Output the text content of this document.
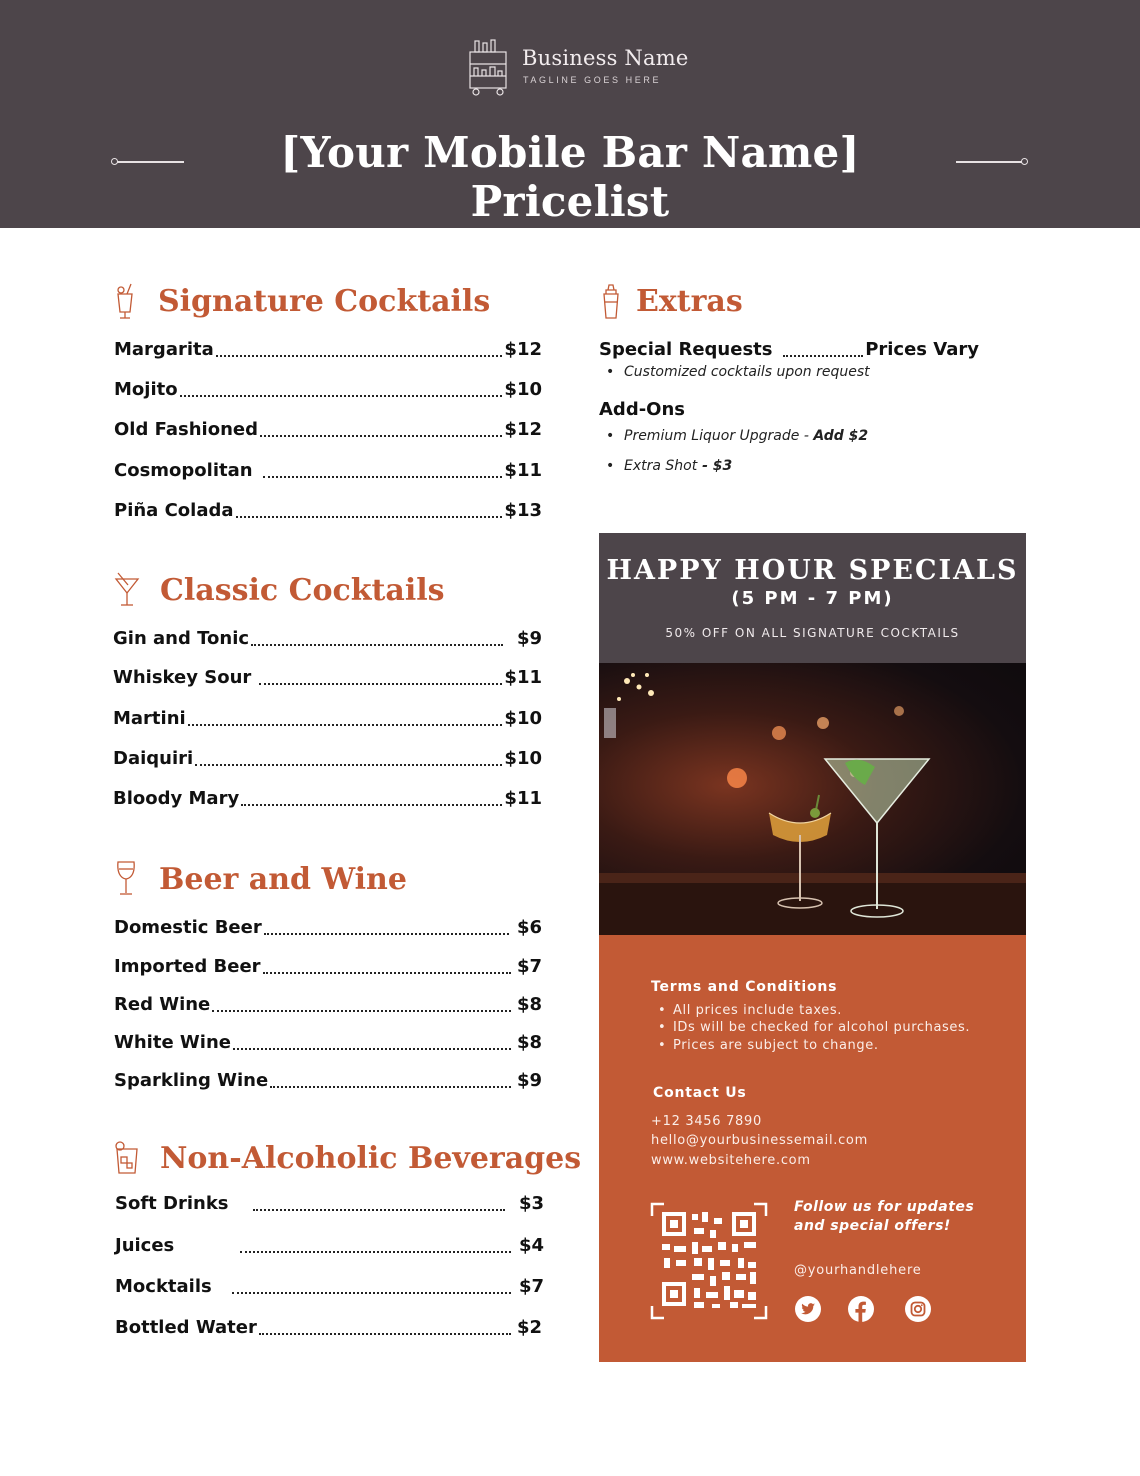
Business Name
TAGLINE GOES HERE
[Your Mobile Bar Name] Pricelist
Signature Cocktails
Margarita	$12
Mojito	$10
Old Fashioned	$12
Cosmopolitan	$11
Piña Colada	$13
Classic Cocktails
Gin and Tonic	$9
Whiskey Sour	$11
Martini	$10
Daiquiri	$10
Bloody Mary	$11
Beer and Wine
Domestic Beer	$6
Imported Beer	$7
Red Wine	$8
White Wine	$8
Sparkling Wine	$9
Non-Alcoholic Beverages
Soft Drinks	$3
Juices	$4
Mocktails	$7
Bottled Water	$2
Extras
Special Requests	Prices Vary
• Customized cocktails upon request
Add-Ons
• Premium Liquor Upgrade - Add $2
• Extra Shot - $3
HAPPY HOUR SPECIALS
(5 PM - 7 PM)
50% OFF ON ALL SIGNATURE COCKTAILS
Terms and Conditions
• All prices include taxes.
• IDs will be checked for alcohol purchases.
• Prices are subject to change.
Contact Us
+12 3456 7890
hello@yourbusinessemail.com
www.websitehere.com
Follow us for updates and special offers!
@yourhandlehere
